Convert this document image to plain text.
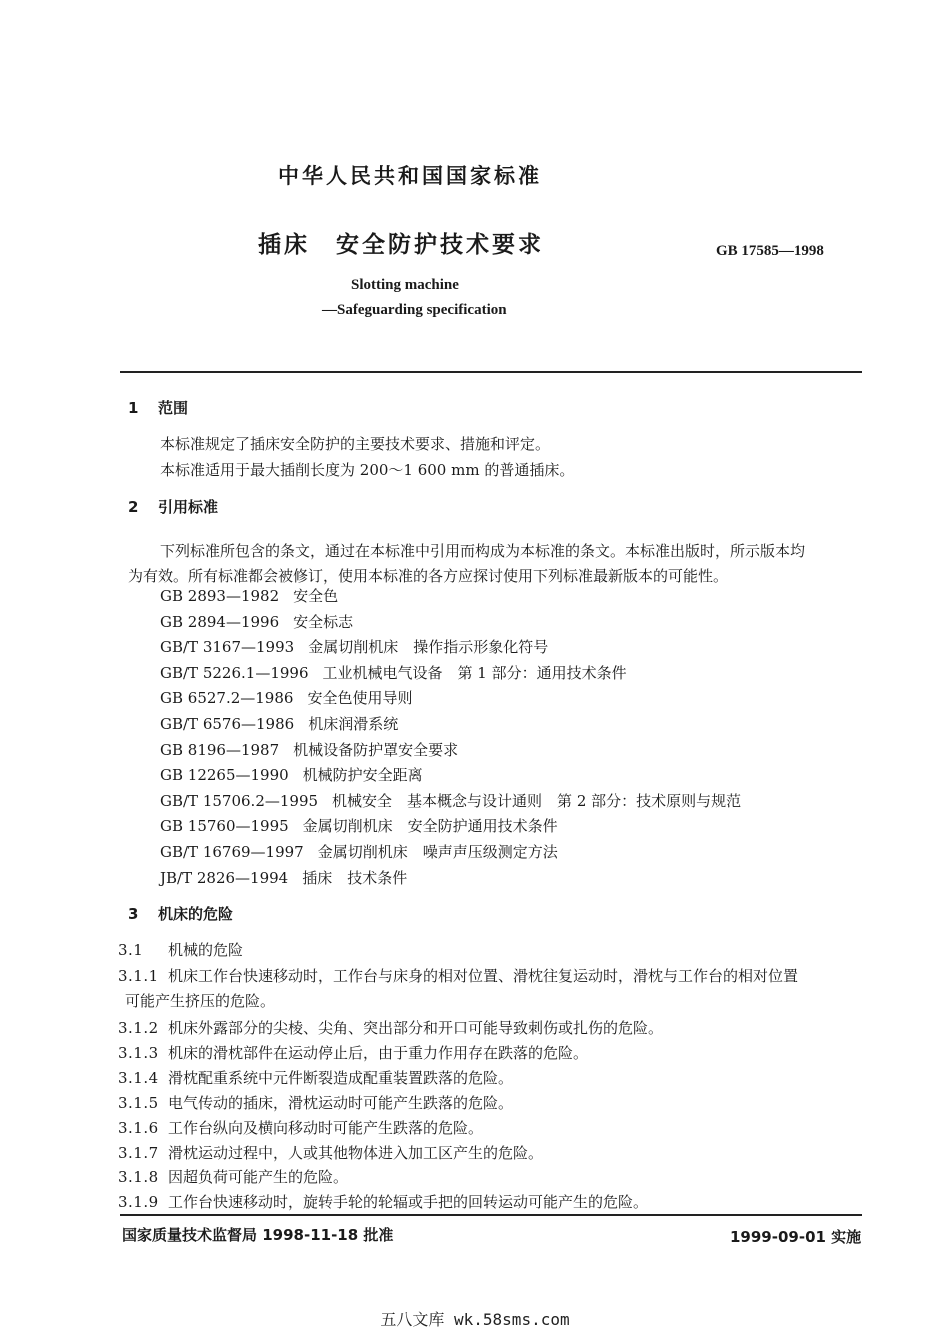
中华人民共和国国家标准
插床 安全防护技术要求	GB 17585—1998
Slotting machine
—Safeguarding specification
1 范围
本标准规定了插床安全防护的主要技术要求、措施和评定。
本标准适用于最大插削长度为 200～1 600 mm 的普通插床。
2 引用标准
下列标准所包含的条文，通过在本标准中引用而构成为本标准的条文。本标准出版时，所示版本均
为有效。所有标准都会被修订，使用本标准的各方应探讨使用下列标准最新版本的可能性。
GB 2893—1982 安全色
GB 2894—1996 安全标志
GB/T 3167—1993 金属切削机床　操作指示形象化符号
GB/T 5226.1—1996 工业机械电气设备　第 1 部分：通用技术条件
GB 6527.2—1986 安全色使用导则
GB/T 6576—1986 机床润滑系统
GB 8196—1987 机械设备防护罩安全要求
GB 12265—1990 机械防护安全距离
GB/T 15706.2—1995 机械安全　基本概念与设计通则　第 2 部分：技术原则与规范
GB 15760—1995 金属切削机床　安全防护通用技术条件
GB/T 16769—1997 金属切削机床　噪声声压级测定方法
JB/T 2826—1994 插床　技术条件
3 机床的危险
3.1 机械的危险
3.1.1 机床工作台快速移动时，工作台与床身的相对位置、滑枕往复运动时，滑枕与工作台的相对位置
可能产生挤压的危险。
3.1.2 机床外露部分的尖棱、尖角、突出部分和开口可能导致刺伤或扎伤的危险。
3.1.3 机床的滑枕部件在运动停止后，由于重力作用存在跌落的危险。
3.1.4 滑枕配重系统中元件断裂造成配重装置跌落的危险。
3.1.5 电气传动的插床，滑枕运动时可能产生跌落的危险。
3.1.6 工作台纵向及横向移动时可能产生跌落的危险。
3.1.7 滑枕运动过程中，人或其他物体进入加工区产生的危险。
3.1.8 因超负荷可能产生的危险。
3.1.9 工作台快速移动时，旋转手轮的轮辐或手把的回转运动可能产生的危险。
国家质量技术监督局 1998-11-18 批准	1999-09-01 实施
五八文库 wk.58sms.com
